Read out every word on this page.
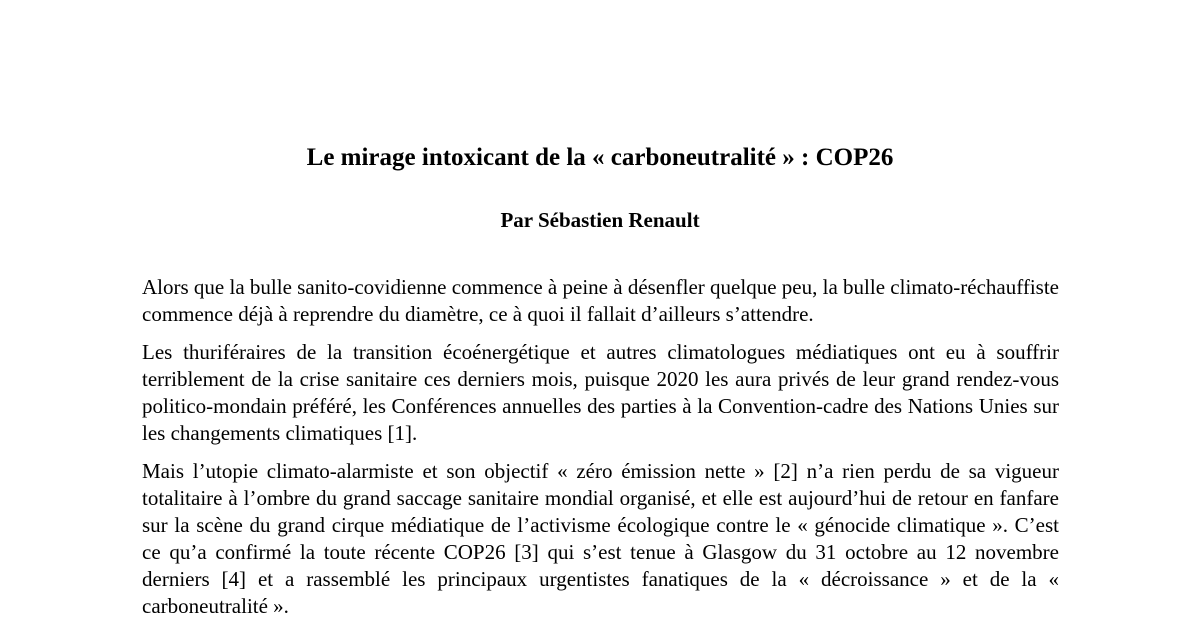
Le mirage intoxicant de la « carboneutralité » : COP26
Par Sébastien Renault

Alors que la bulle sanito-covidienne commence à peine à désenfler quelque peu, la bulle climato-réchauffiste commence déjà à reprendre du diamètre, ce à quoi il fallait d’ailleurs s’attendre.

Les thuriféraires de la transition écoénergétique et autres climatologues médiatiques ont eu à souffrir terriblement de la crise sanitaire ces derniers mois, puisque 2020 les aura privés de leur grand rendez-vous politico-mondain préféré, les Conférences annuelles des parties à la Convention-cadre des Nations Unies sur les changements climatiques [1].

Mais l’utopie climato-alarmiste et son objectif « zéro émission nette » [2] n’a rien perdu de sa vigueur totalitaire à l’ombre du grand saccage sanitaire mondial organisé, et elle est aujourd’hui de retour en fanfare sur la scène du grand cirque médiatique de l’activisme écologique contre le « génocide climatique ». C’est ce qu’a confirmé la toute récente COP26 [3] qui s’est tenue à Glasgow du 31 octobre au 12 novembre derniers [4] et a rassemblé les principaux urgentistes fanatiques de la « décroissance » et de la « carboneutralité ».
